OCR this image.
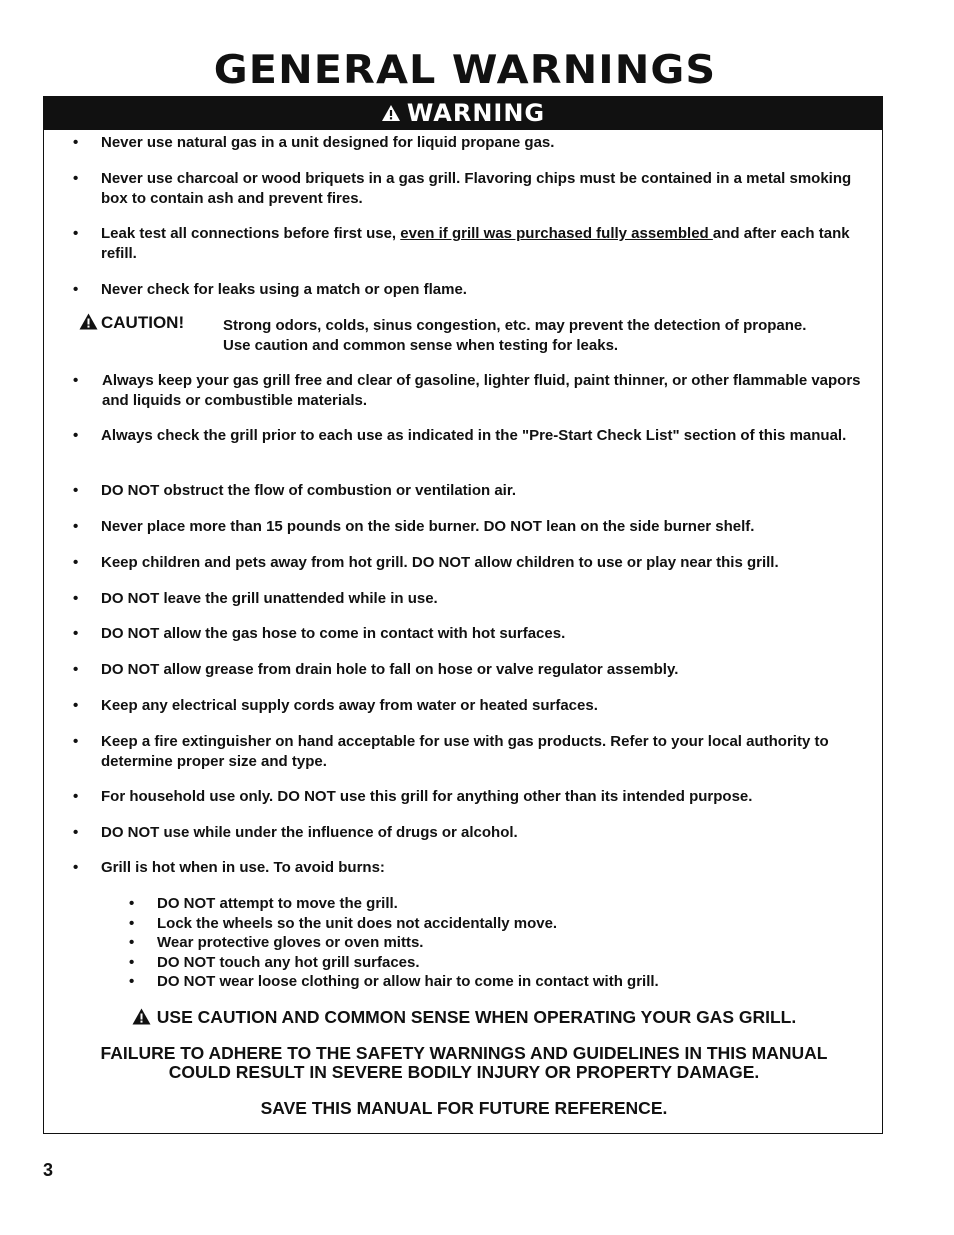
GENERAL WARNINGS
WARNING
• Never use natural gas in a unit designed for liquid propane gas.
• Never use charcoal or wood briquets in a gas grill. Flavoring chips must be contained in a metal smoking box to contain ash and prevent fires.
• Leak test all connections before first use, even if grill was purchased fully assembled and after each tank refill.
• Never check for leaks using a match or open flame.
CAUTION!	Strong odors, colds, sinus congestion, etc. may prevent the detection of propane. Use caution and common sense when testing for leaks.
• Always keep your gas grill free and clear of gasoline, lighter fluid, paint thinner, or other flammable vapors and liquids or combustible materials.
• Always check the grill prior to each use as indicated in the "Pre-Start Check List" section of this manual.
• DO NOT obstruct the flow of combustion or ventilation air.
• Never place more than 15 pounds on the side burner. DO NOT lean on the side burner shelf.
• Keep children and pets away from hot grill. DO NOT allow children to use or play near this grill.
• DO NOT leave the grill unattended while in use.
• DO NOT allow the gas hose to come in contact with hot surfaces.
• DO NOT allow grease from drain hole to fall on hose or valve regulator assembly.
• Keep any electrical supply cords away from water or heated surfaces.
• Keep a fire extinguisher on hand acceptable for use with gas products. Refer to your local authority to determine proper size and type.
• For household use only. DO NOT use this grill for anything other than its intended purpose.
• DO NOT use while under the influence of drugs or alcohol.
• Grill is hot when in use. To avoid burns:
• DO NOT attempt to move the grill.
• Lock the wheels so the unit does not accidentally move.
• Wear protective gloves or oven mitts.
• DO NOT touch any hot grill surfaces.
• DO NOT wear loose clothing or allow hair to come in contact with grill.
USE CAUTION AND COMMON SENSE WHEN OPERATING YOUR GAS GRILL.
FAILURE TO ADHERE TO THE SAFETY WARNINGS AND GUIDELINES IN THIS MANUAL
COULD RESULT IN SEVERE BODILY INJURY OR PROPERTY DAMAGE.
SAVE THIS MANUAL FOR FUTURE REFERENCE.
3
